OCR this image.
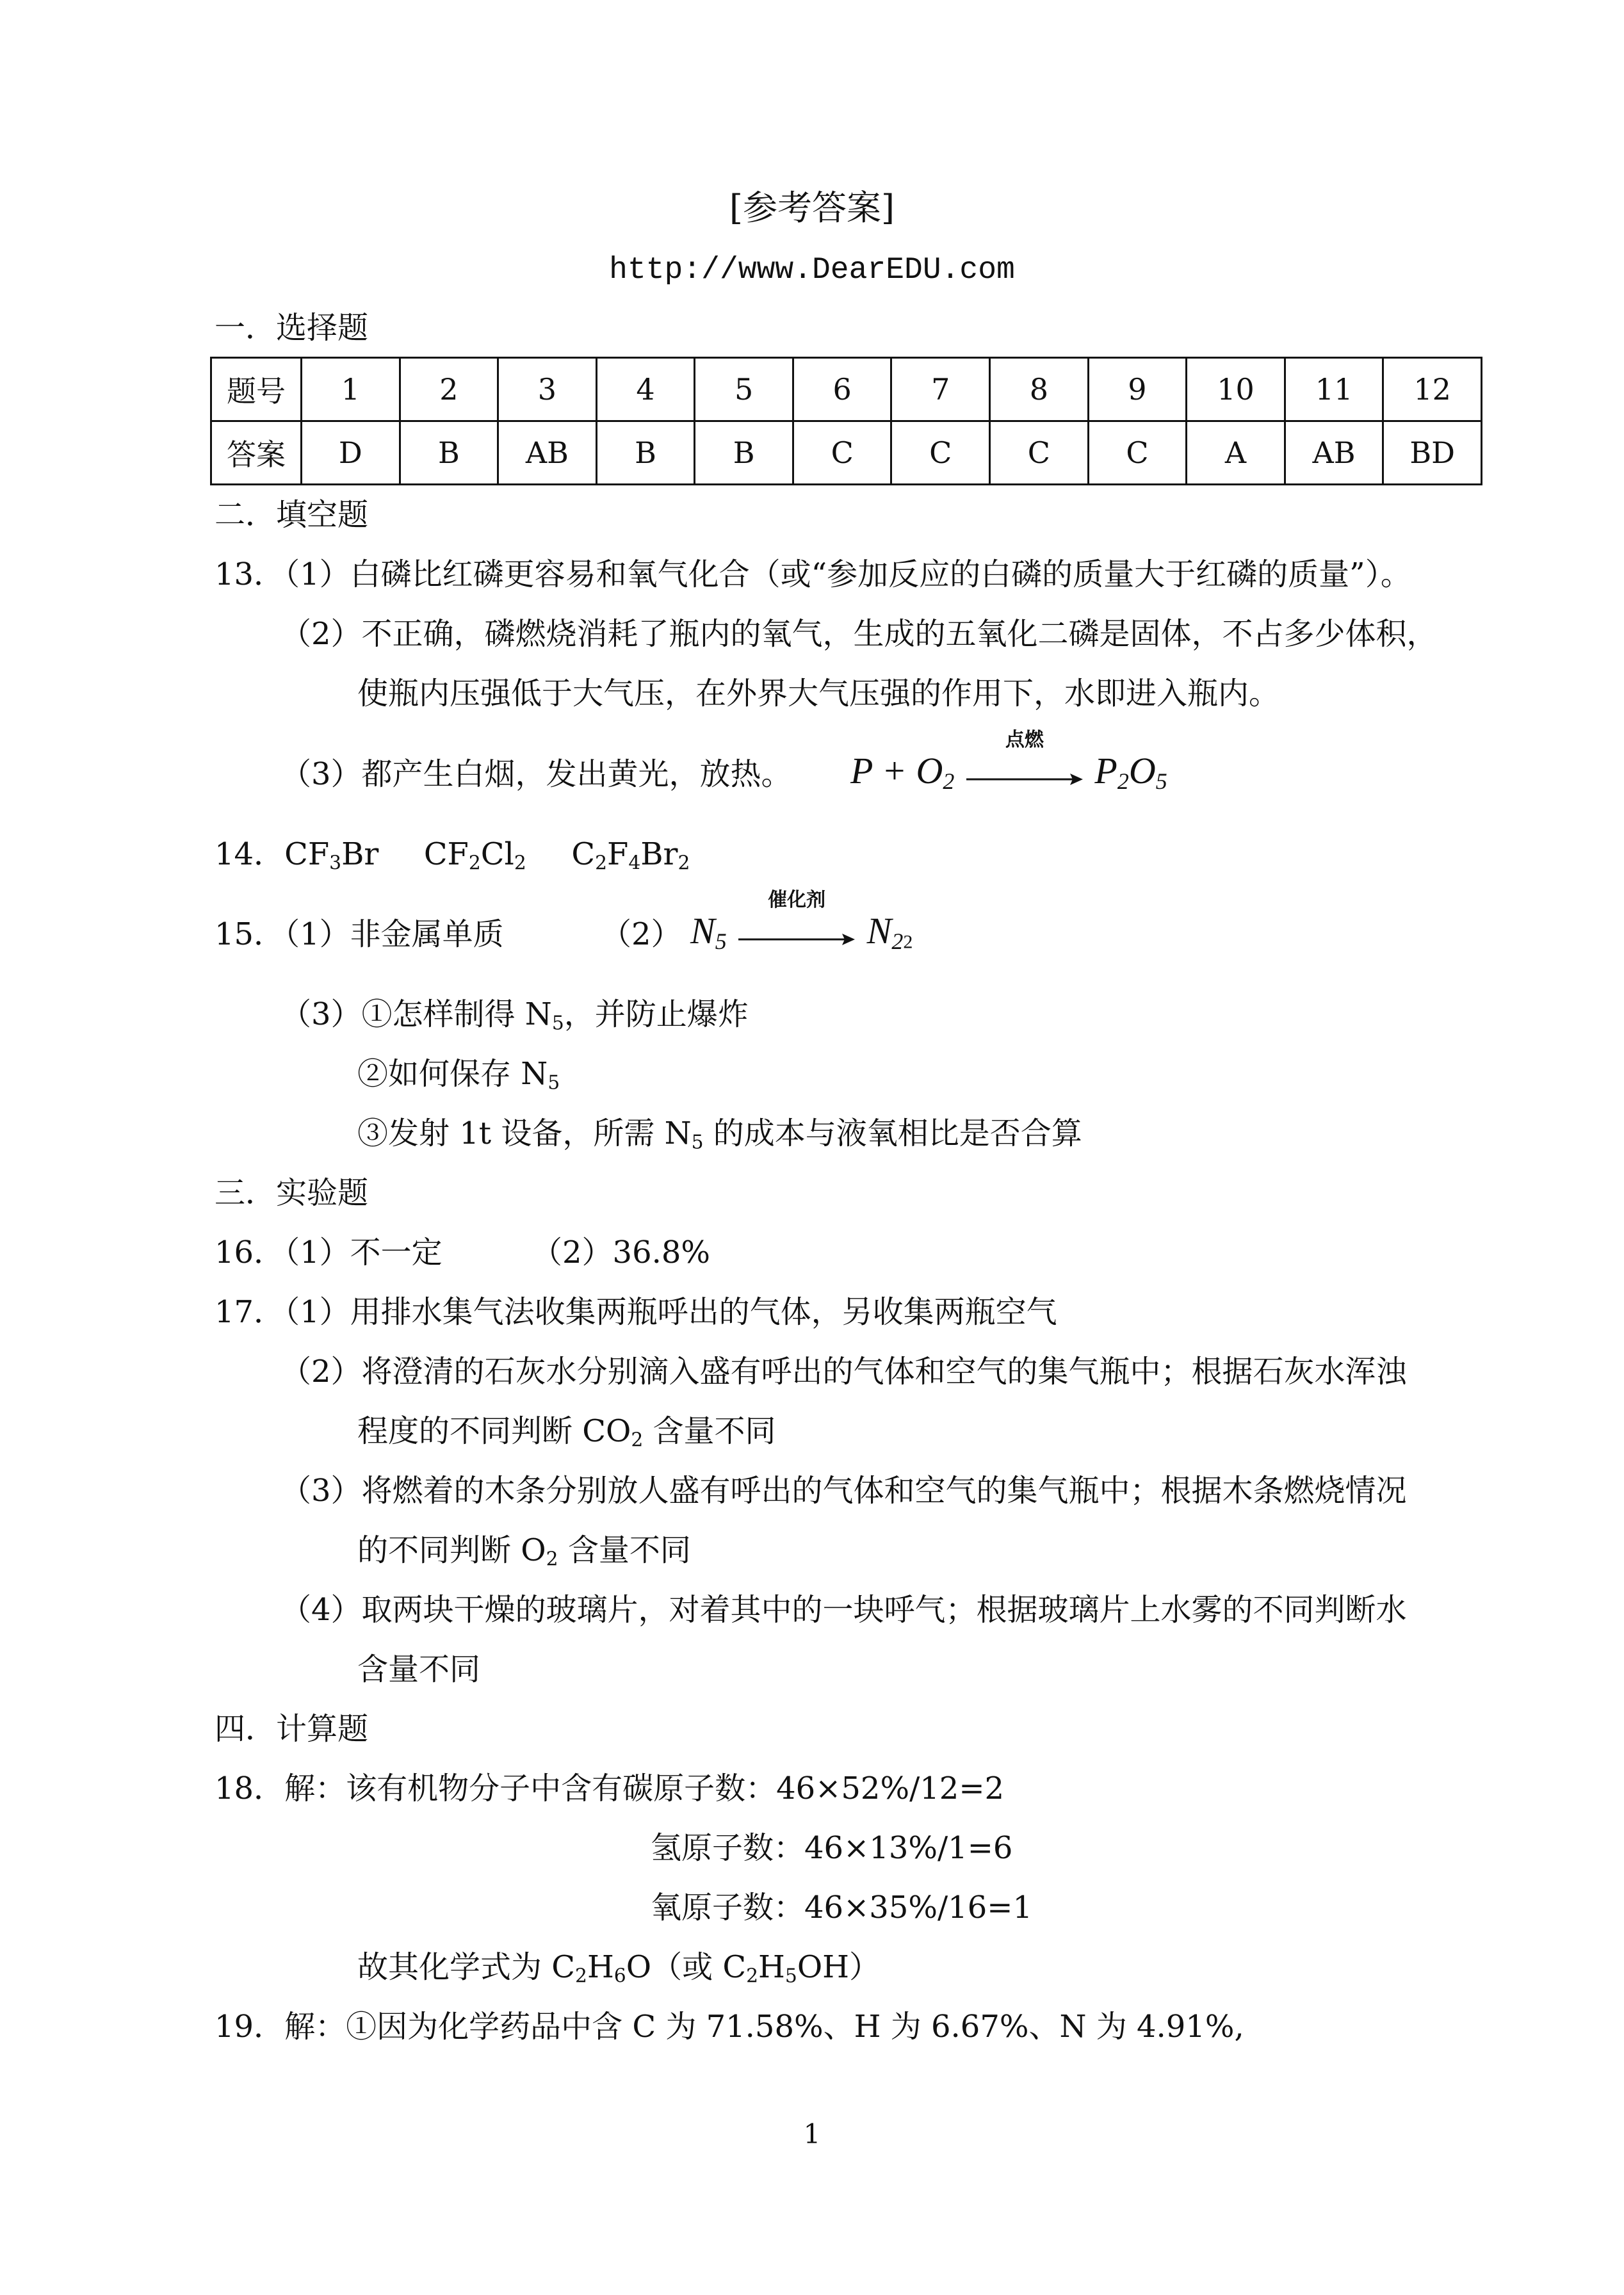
[参考答案]
http://www.DearEDU.com
一．选择题
题号	1	2	3	4	5	6	7	8	9	10	11	12
答案	D	B	AB	B	B	C	C	C	C	A	AB	BD
二．填空题
13．（1）白磷比红磷更容易和氧气化合（或“参加反应的白磷的质量大于红磷的质量”）。
（2）不正确，磷燃烧消耗了瓶内的氧气，生成的五氧化二磷是固体，不占多少体积，
使瓶内压强低于大气压，在外界大气压强的作用下，水即进入瓶内。
（3）都产生白烟，发出黄光，放热。 $P + O_2$
点燃
$P_2O_5$
14．$CF_3Br$ $CF_2Cl_2$ $C_2F_4Br_2$
15．（1）非金属单质	（2） $N_5$
催化剂
$N_{22}$
（3）①怎样制得 $N_5$，并防止爆炸
②如何保存 $N_5$
③发射 1t 设备，所需 $N_5$ 的成本与液氧相比是否合算
三．实验题
16．（1）不一定	（2）36.8%
17．（1）用排水集气法收集两瓶呼出的气体，另收集两瓶空气
（2）将澄清的石灰水分别滴入盛有呼出的气体和空气的集气瓶中；根据石灰水浑浊
程度的不同判断 $CO_2$ 含量不同
（3）将燃着的木条分别放人盛有呼出的气体和空气的集气瓶中；根据木条燃烧情况
的不同判断 $O_2$ 含量不同
（4）取两块干燥的玻璃片，对着其中的一块呼气；根据玻璃片上水雾的不同判断水
含量不同
四．计算题
18．解：该有机物分子中含有碳原子数：46×52%/12=2
氢原子数：46×13%/1=6
氧原子数：46×35%/16=1
故其化学式为 $C_2H_6O$（或 $C_2H_5OH$）
19．解：①因为化学药品中含 C 为 71.58%、H 为 6.67%、N 为 4.91%,
1
